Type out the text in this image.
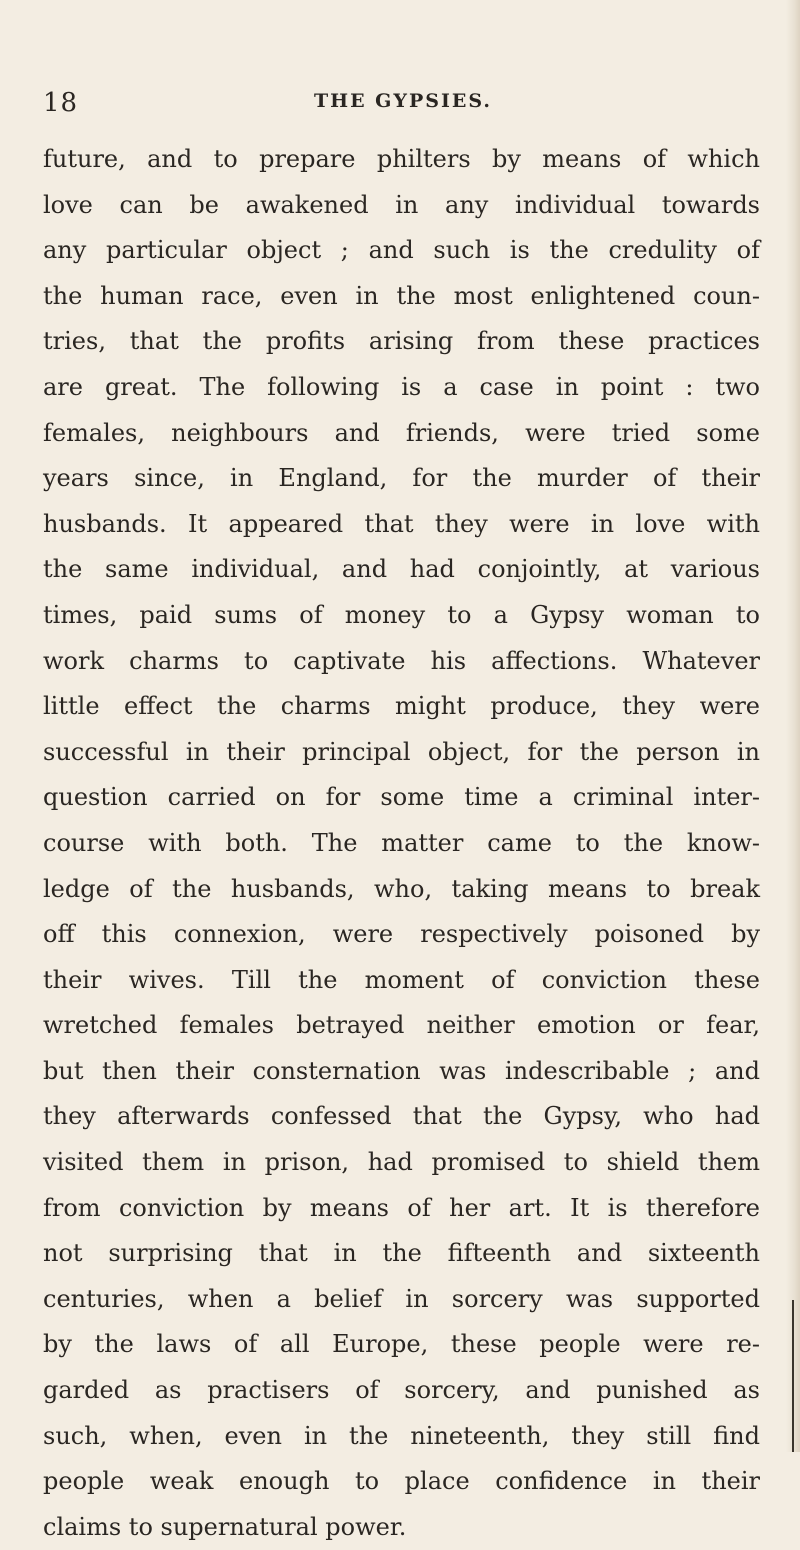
18	THE GYPSIES.
future, and to prepare philters by means of which
love can be awakened in any individual towards
any particular object ; and such is the credulity of
the human race, even in the most enlightened coun-
tries, that the profits arising from these practices
are great. The following is a case in point : two
females, neighbours and friends, were tried some
years since, in England, for the murder of their
husbands. It appeared that they were in love with
the same individual, and had conjointly, at various
times, paid sums of money to a Gypsy woman to
work charms to captivate his affections. Whatever
little effect the charms might produce, they were
successful in their principal object, for the person in
question carried on for some time a criminal inter-
course with both. The matter came to the know-
ledge of the husbands, who, taking means to break
off this connexion, were respectively poisoned by
their wives. Till the moment of conviction these
wretched females betrayed neither emotion or fear,
but then their consternation was indescribable ; and
they afterwards confessed that the Gypsy, who had
visited them in prison, had promised to shield them
from conviction by means of her art. It is therefore
not surprising that in the fifteenth and sixteenth
centuries, when a belief in sorcery was supported
by the laws of all Europe, these people were re-
garded as practisers of sorcery, and punished as
such, when, even in the nineteenth, they still find
people weak enough to place confidence in their
claims to supernatural power.
